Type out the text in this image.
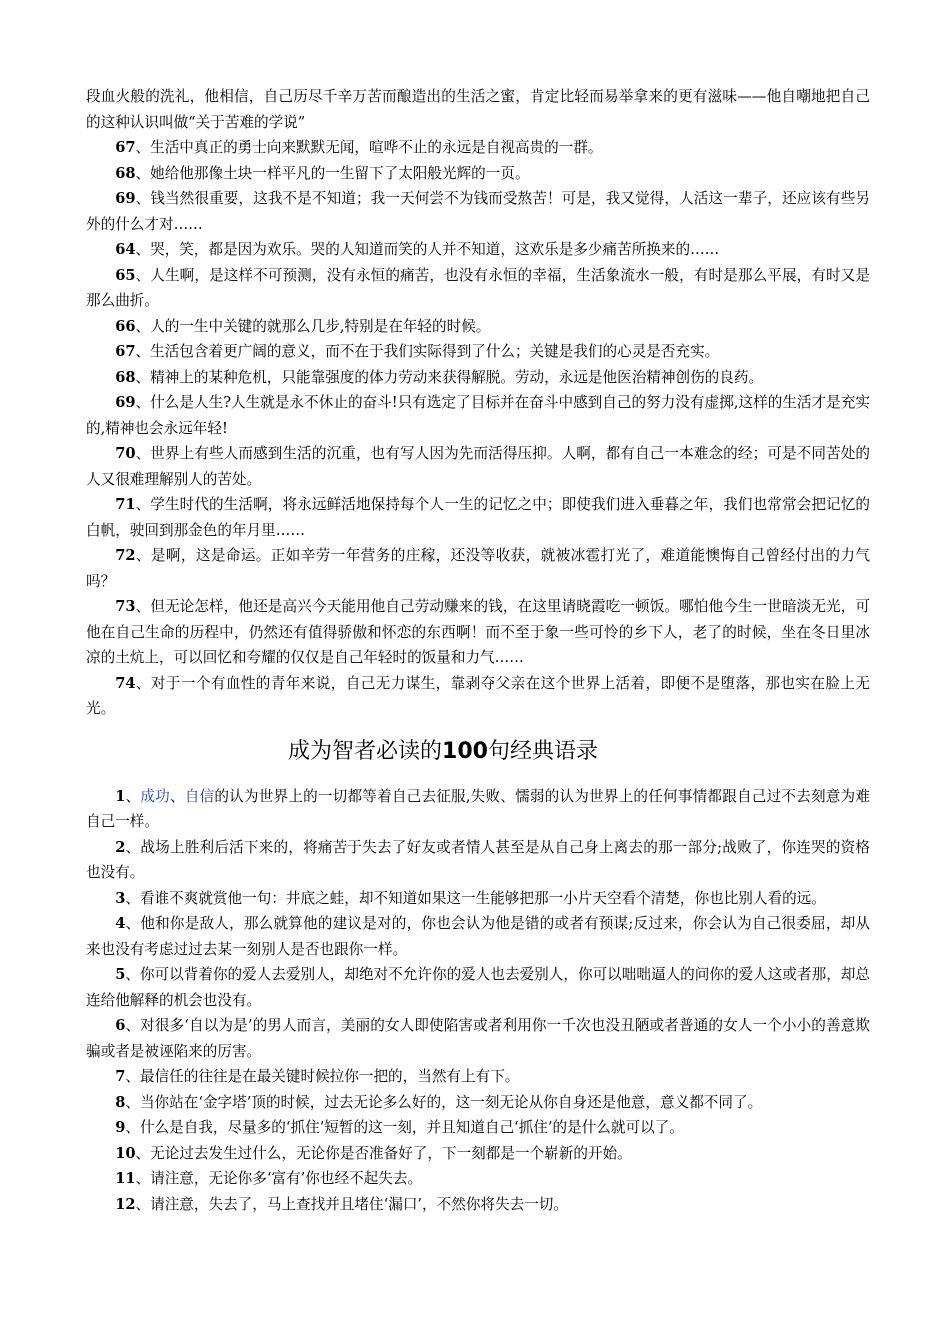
段血火般的洗礼，他相信，自己历尽千辛万苦而酿造出的生活之蜜，肯定比轻而易举拿来的更有滋味——他自嘲地把自己的这种认识叫做“关于苦难的学说”

67、生活中真正的勇士向来默默无闻，喧哗不止的永远是自视高贵的一群。

68、她给他那像土块一样平凡的一生留下了太阳般光辉的一页。

69、钱当然很重要，这我不是不知道；我一天何尝不为钱而受熬苦！可是，我又觉得，人活这一辈子，还应该有些另外的什么才对……

64、哭，笑，都是因为欢乐。哭的人知道而笑的人并不知道，这欢乐是多少痛苦所换来的……

65、人生啊，是这样不可预测，没有永恒的痛苦，也没有永恒的幸福，生活象流水一般，有时是那么平展，有时又是那么曲折。

66、人的一生中关键的就那么几步,特别是在年轻的时候。

67、生活包含着更广阔的意义，而不在于我们实际得到了什么；关键是我们的心灵是否充实。

68、精神上的某种危机，只能靠强度的体力劳动来获得解脱。劳动，永远是他医治精神创伤的良药。

69、什么是人生?人生就是永不休止的奋斗!只有选定了目标并在奋斗中感到自己的努力没有虚掷,这样的生活才是充实的,精神也会永远年轻!

70、世界上有些人而感到生活的沉重，也有写人因为先而活得压抑。人啊，都有自己一本难念的经；可是不同苦处的人又很难理解别人的苦处。

71、学生时代的生活啊，将永远鲜活地保持每个人一生的记忆之中；即使我们进入垂暮之年，我们也常常会把记忆的白帆，驶回到那金色的年月里……

72、是啊，这是命运。正如辛劳一年营务的庄稼，还没等收获，就被冰雹打光了，难道能懊悔自己曾经付出的力气吗？

73、但无论怎样，他还是高兴今天能用他自己劳动赚来的钱，在这里请晓霞吃一顿饭。哪怕他今生一世暗淡无光，可他在自己生命的历程中，仍然还有值得骄傲和怀恋的东西啊！而不至于象一些可怜的乡下人，老了的时候，坐在冬日里冰凉的土炕上，可以回忆和夸耀的仅仅是自己年轻时的饭量和力气……

74、对于一个有血性的青年来说，自己无力谋生，靠剥夺父亲在这个世界上活着，即便不是堕落，那也实在脸上无光。

成为智者必读的100句经典语录

1、成功、自信的认为世界上的一切都等着自己去征服,失败、懦弱的认为世界上的任何事情都跟自己过不去刻意为难自己一样。

2、战场上胜利后活下来的，将痛苦于失去了好友或者情人甚至是从自己身上离去的那一部分;战败了，你连哭的资格也没有。

3、看谁不爽就赏他一句：井底之蛙，却不知道如果这一生能够把那一小片天空看个清楚，你也比别人看的远。

4、他和你是敌人，那么就算他的建议是对的，你也会认为他是错的或者有预谋;反过来，你会认为自己很委屈，却从来也没有考虑过过去某一刻别人是否也跟你一样。

5、你可以背着你的爱人去爱别人，却绝对不允许你的爱人也去爱别人，你可以咄咄逼人的问你的爱人这或者那，却总连给他解释的机会也没有。

6、对很多‘自以为是’的男人而言，美丽的女人即使陷害或者利用你一千次也没丑陋或者普通的女人一个小小的善意欺骗或者是被诬陷来的厉害。

7、最信任的往往是在最关键时候拉你一把的，当然有上有下。

8、当你站在‘金字塔’顶的时候，过去无论多么好的，这一刻无论从你自身还是他意，意义都不同了。

9、什么是自我，尽量多的‘抓住’短暂的这一刻，并且知道自己‘抓住’的是什么就可以了。

10、无论过去发生过什么，无论你是否准备好了，下一刻都是一个崭新的开始。

11、请注意，无论你多‘富有’你也经不起失去。

12、请注意，失去了，马上查找并且堵住‘漏口’，不然你将失去一切。
